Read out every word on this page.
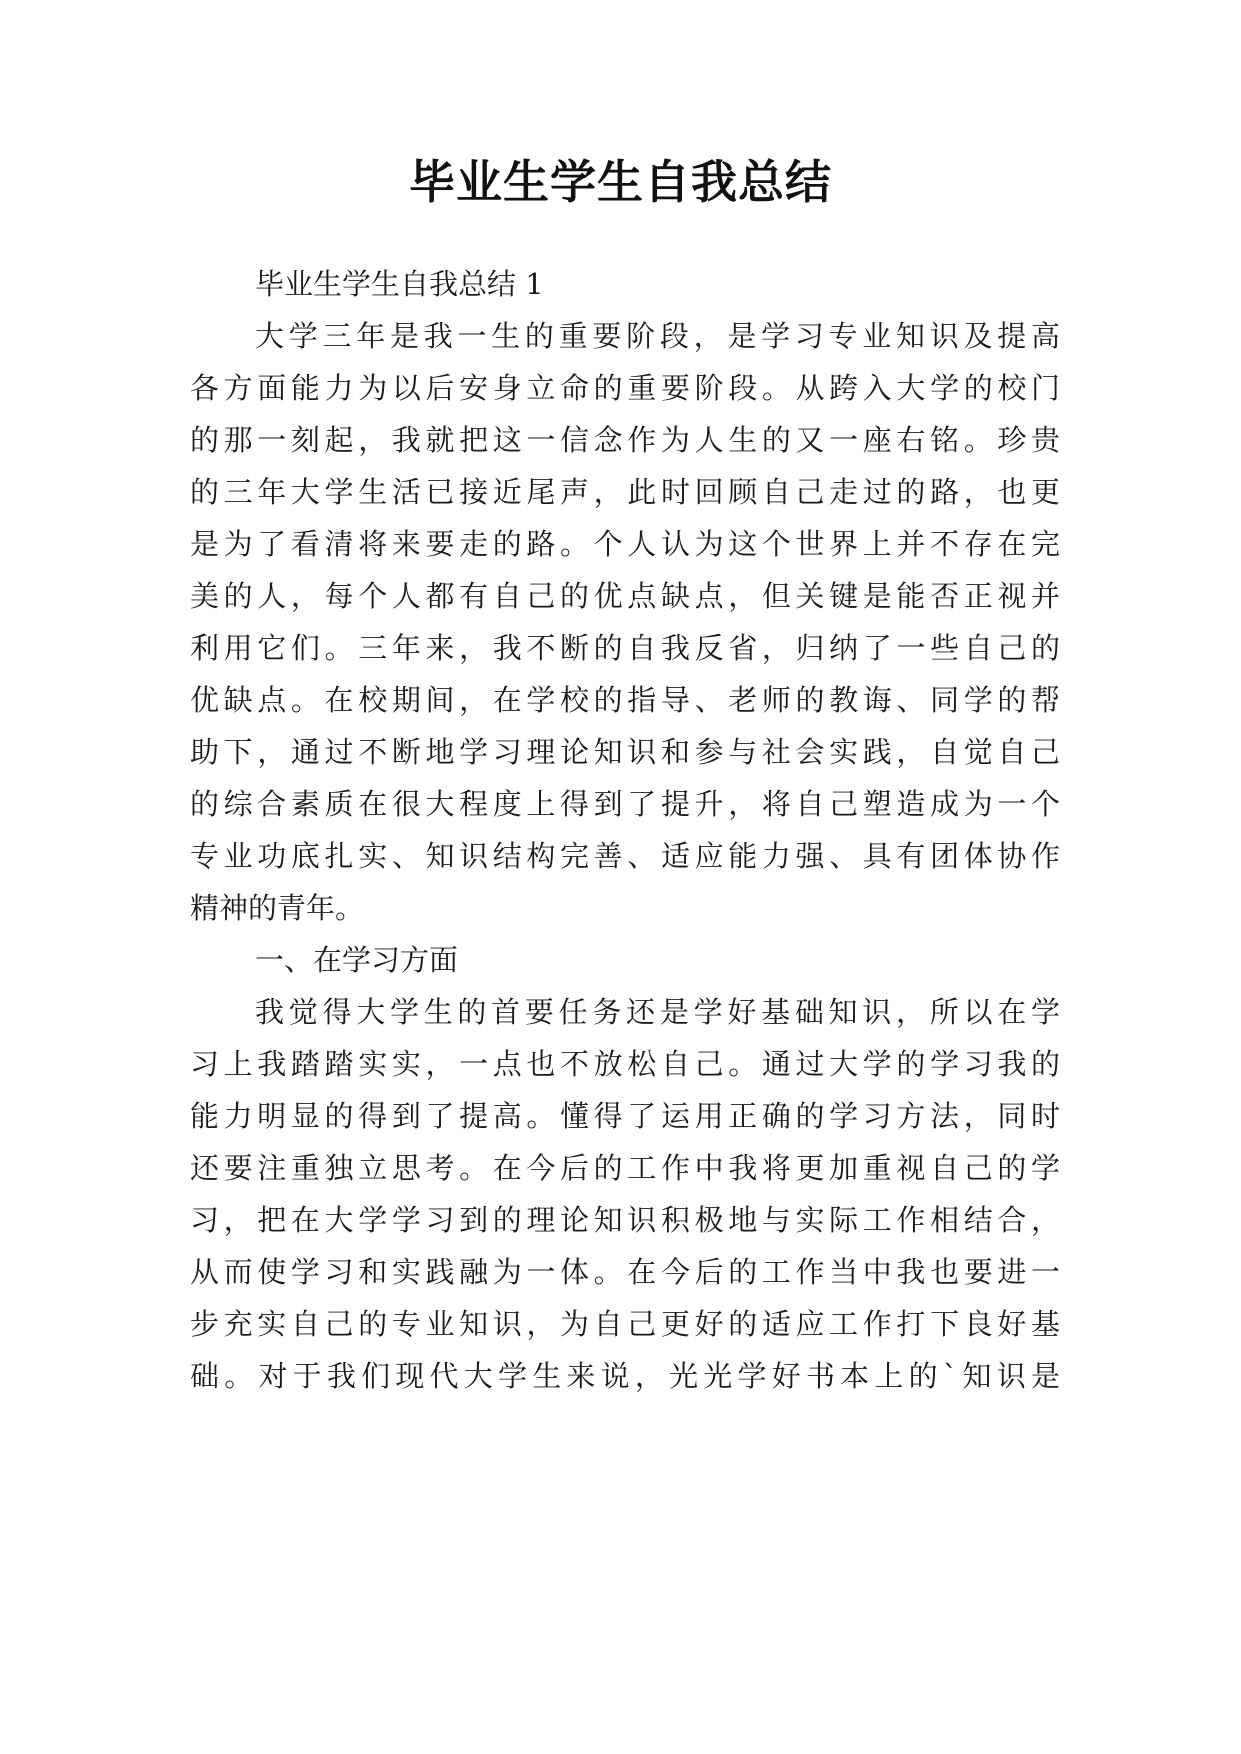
毕业生学生自我总结

毕业生学生自我总结 1

大学三年是我一生的重要阶段，是学习专业知识及提高

各方面能力为以后安身立命的重要阶段。从跨入大学的校门

的那一刻起，我就把这一信念作为人生的又一座右铭。珍贵

的三年大学生活已接近尾声，此时回顾自己走过的路，也更

是为了看清将来要走的路。个人认为这个世界上并不存在完

美的人，每个人都有自己的优点缺点，但关键是能否正视并

利用它们。三年来，我不断的自我反省，归纳了一些自己的

优缺点。在校期间，在学校的指导、老师的教诲、同学的帮

助下，通过不断地学习理论知识和参与社会实践，自觉自己

的综合素质在很大程度上得到了提升，将自己塑造成为一个

专业功底扎实、知识结构完善、适应能力强、具有团体协作

精神的青年。

一、在学习方面

我觉得大学生的首要任务还是学好基础知识，所以在学

习上我踏踏实实，一点也不放松自己。通过大学的学习我的

能力明显的得到了提高。懂得了运用正确的学习方法，同时

还要注重独立思考。在今后的工作中我将更加重视自己的学

习，把在大学学习到的理论知识积极地与实际工作相结合，

从而使学习和实践融为一体。在今后的工作当中我也要进一

步充实自己的专业知识，为自己更好的适应工作打下良好基

础。对于我们现代大学生来说，光光学好书本上的`知识是
